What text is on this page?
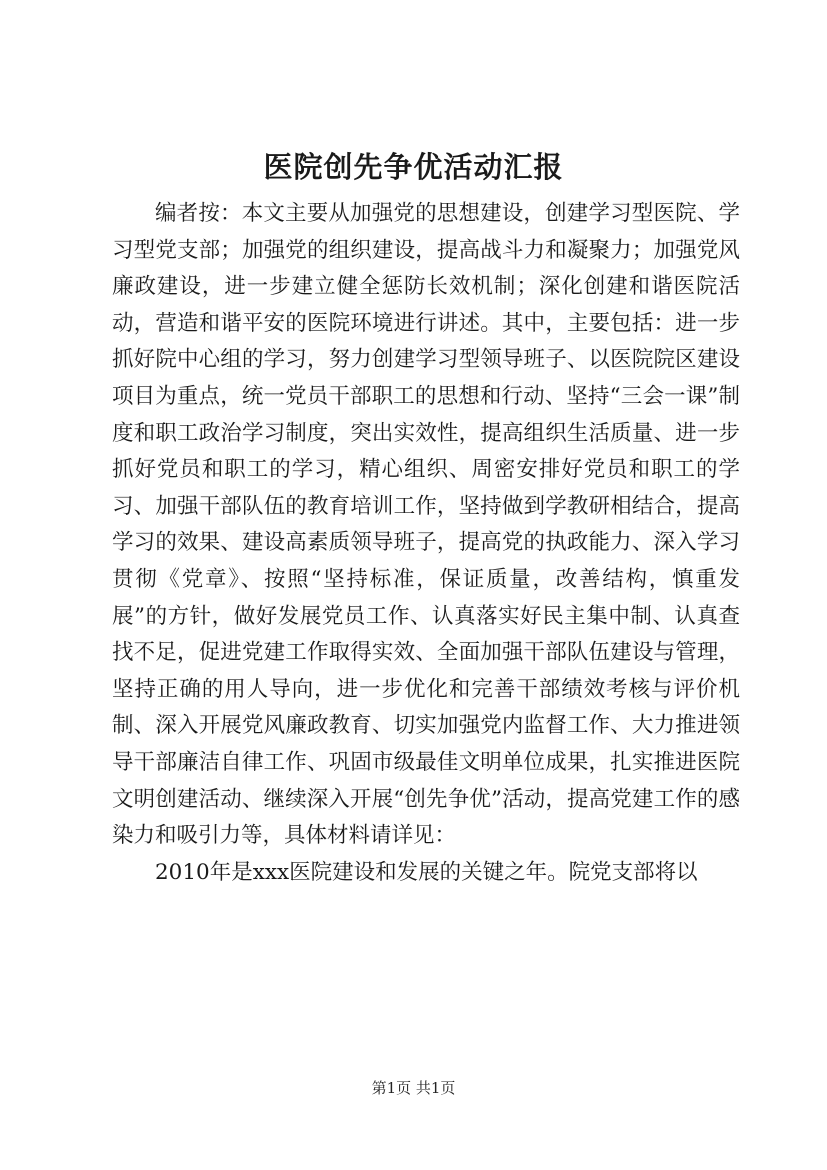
医院创先争优活动汇报

编者按：本文主要从加强党的思想建设，创建学习型医院、学习型党支部；加强党的组织建设，提高战斗力和凝聚力；加强党风廉政建设，进一步建立健全惩防长效机制；深化创建和谐医院活动，营造和谐平安的医院环境进行讲述。其中，主要包括：进一步抓好院中心组的学习，努力创建学习型领导班子、以医院院区建设项目为重点，统一党员干部职工的思想和行动、坚持“三会一课”制度和职工政治学习制度，突出实效性，提高组织生活质量、进一步抓好党员和职工的学习，精心组织、周密安排好党员和职工的学习、加强干部队伍的教育培训工作，坚持做到学教研相结合，提高学习的效果、建设高素质领导班子，提高党的执政能力、深入学习贯彻《党章》、按照“坚持标准，保证质量，改善结构，慎重发展”的方针，做好发展党员工作、认真落实好民主集中制、认真查找不足，促进党建工作取得实效、全面加强干部队伍建设与管理，坚持正确的用人导向，进一步优化和完善干部绩效考核与评价机制、深入开展党风廉政教育、切实加强党内监督工作、大力推进领导干部廉洁自律工作、巩固市级最佳文明单位成果，扎实推进医院文明创建活动、继续深入开展“创先争优”活动，提高党建工作的感染力和吸引力等，具体材料请详见：

2010年是xxx医院建设和发展的关键之年。院党支部将以

第1页 共1页
